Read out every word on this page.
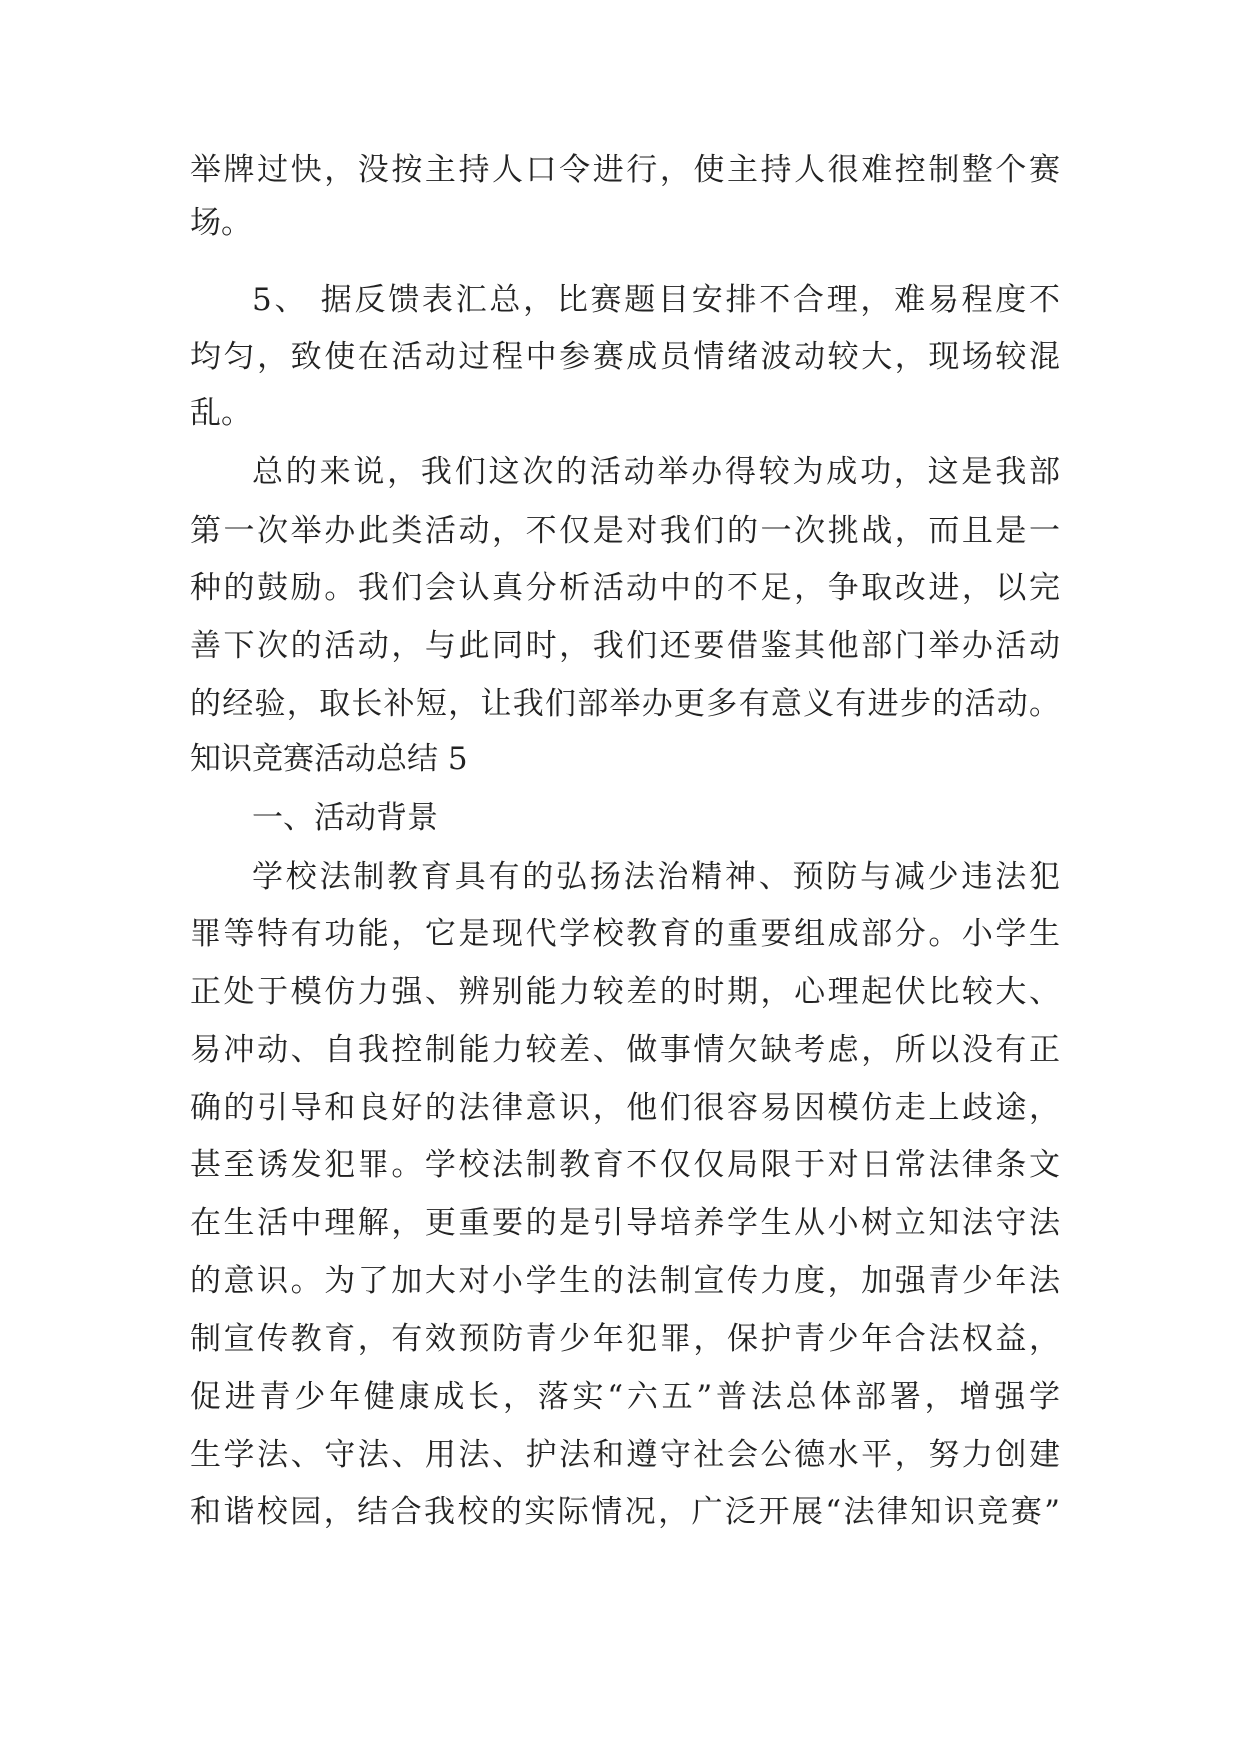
举牌过快，没按主持人口令进行，使主持人很难控制整个赛
场。
5、 据反馈表汇总，比赛题目安排不合理，难易程度不
均匀，致使在活动过程中参赛成员情绪波动较大，现场较混
乱。
总的来说，我们这次的活动举办得较为成功，这是我部
第一次举办此类活动，不仅是对我们的一次挑战，而且是一
种的鼓励。我们会认真分析活动中的不足，争取改进，以完
善下次的活动，与此同时，我们还要借鉴其他部门举办活动
的经验，取长补短，让我们部举办更多有意义有进步的活动。
知识竞赛活动总结 5
一、活动背景
学校法制教育具有的弘扬法治精神、预防与减少违法犯
罪等特有功能，它是现代学校教育的重要组成部分。小学生
正处于模仿力强、辨别能力较差的时期，心理起伏比较大、
易冲动、自我控制能力较差、做事情欠缺考虑，所以没有正
确的引导和良好的法律意识，他们很容易因模仿走上歧途，
甚至诱发犯罪。学校法制教育不仅仅局限于对日常法律条文
在生活中理解，更重要的是引导培养学生从小树立知法守法
的意识。为了加大对小学生的法制宣传力度，加强青少年法
制宣传教育，有效预防青少年犯罪，保护青少年合法权益，
促进青少年健康成长，落实“六五”普法总体部署，增强学
生学法、守法、用法、护法和遵守社会公德水平，努力创建
和谐校园，结合我校的实际情况，广泛开展“法律知识竞赛”
